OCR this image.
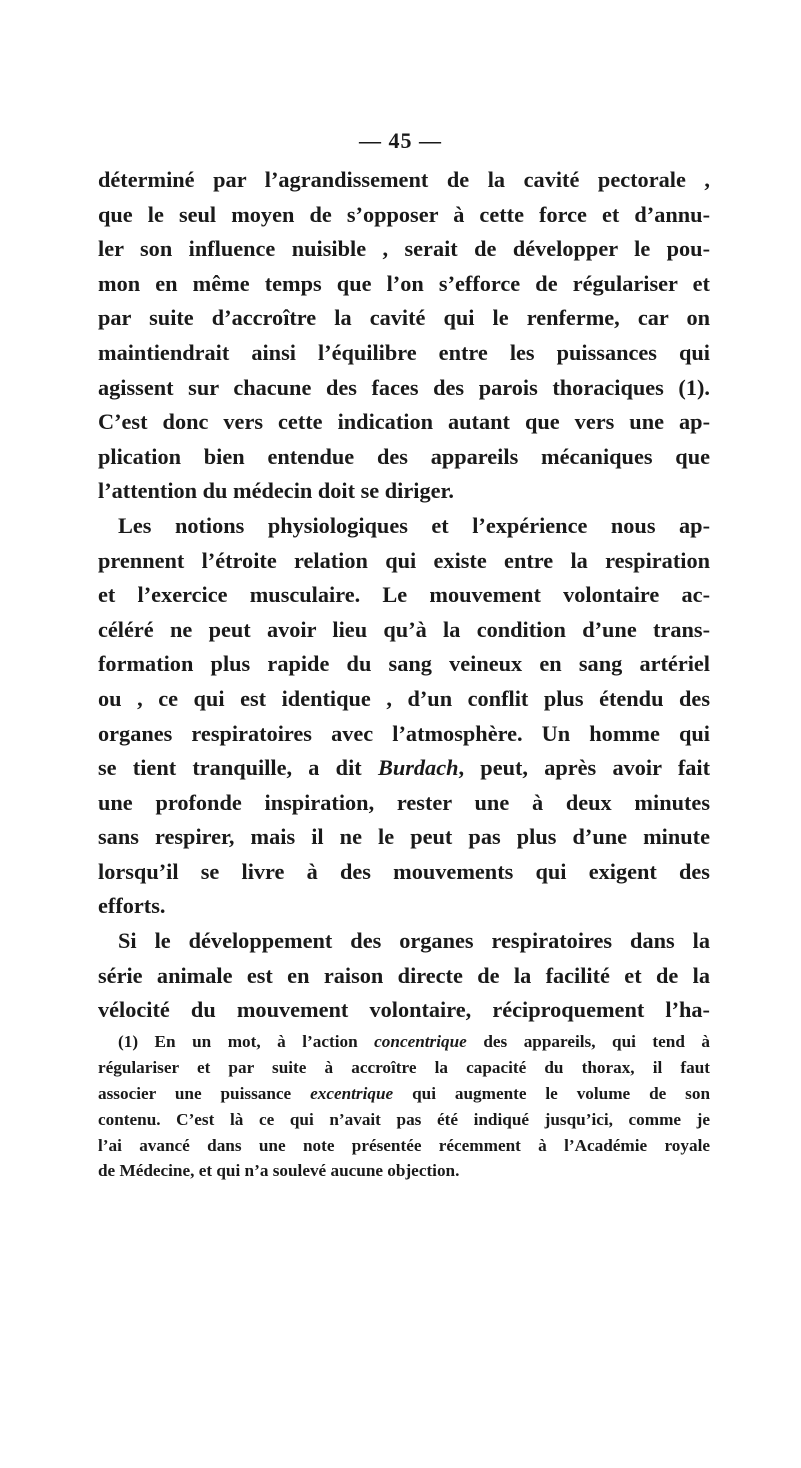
— 45 —
déterminé par l’agrandissement de la cavité pectorale ,
que le seul moyen de s’opposer à cette force et d’annu-
ler son influence nuisible , serait de développer le pou-
mon en même temps que l’on s’efforce de régulariser et
par suite d’accroître la cavité qui le renferme, car on
maintiendrait ainsi l’équilibre entre les puissances qui
agissent sur chacune des faces des parois thoraciques (1).
C’est donc vers cette indication autant que vers une ap-
plication bien entendue des appareils mécaniques que
l’attention du médecin doit se diriger.
Les notions physiologiques et l’expérience nous ap-
prennent l’étroite relation qui existe entre la respiration
et l’exercice musculaire. Le mouvement volontaire ac-
céléré ne peut avoir lieu qu’à la condition d’une trans-
formation plus rapide du sang veineux en sang artériel
ou , ce qui est identique , d’un conflit plus étendu des
organes respiratoires avec l’atmosphère. Un homme qui
se tient tranquille, a dit Burdach, peut, après avoir fait
une profonde inspiration, rester une à deux minutes
sans respirer, mais il ne le peut pas plus d’une minute
lorsqu’il se livre à des mouvements qui exigent des
efforts.
Si le développement des organes respiratoires dans la
série animale est en raison directe de la facilité et de la
vélocité du mouvement volontaire, réciproquement l’ha-
(1) En un mot, à l’action concentrique des appareils, qui tend à
régulariser et par suite à accroître la capacité du thorax, il faut
associer une puissance excentrique qui augmente le volume de son
contenu. C’est là ce qui n’avait pas été indiqué jusqu’ici, comme je
l’ai avancé dans une note présentée récemment à l’Académie royale
de Médecine, et qui n’a soulevé aucune objection.
